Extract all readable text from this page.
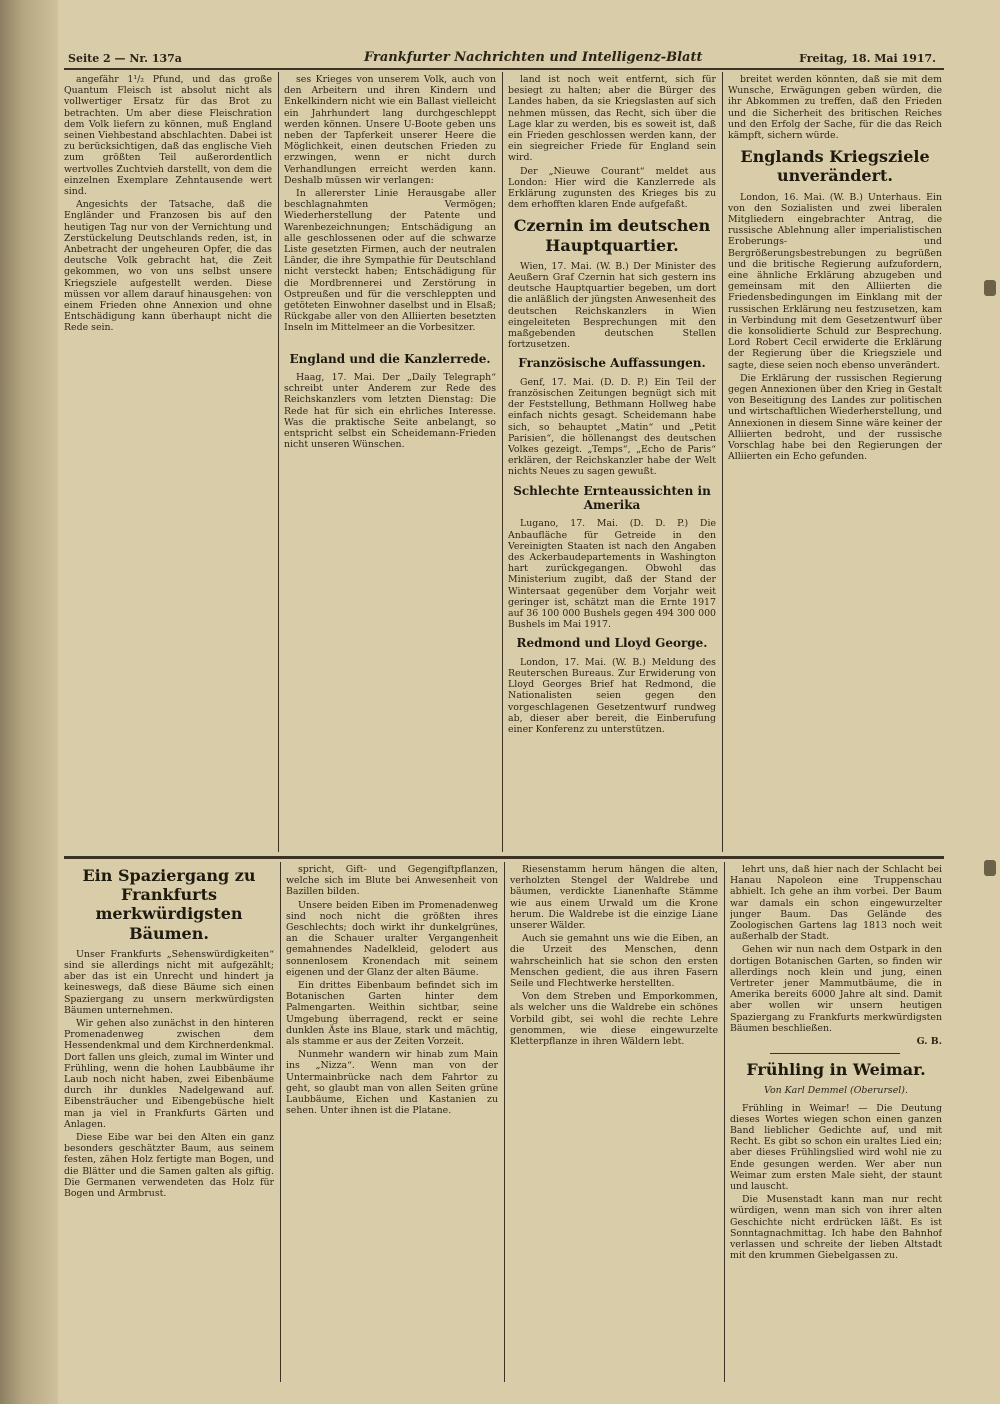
Seite 2 — Nr. 137a	Frankfurter Nachrichten und Intelligenz-Blatt	Freitag, 18. Mai 1917.

angefähr 1¹/₂ Pfund, und das große Quantum Fleisch ist absolut nicht als vollwertiger Ersatz für das Brot zu betrachten. Um aber diese Fleischration dem Volk liefern zu können, muß England seinen Viehbestand abschlachten. Dabei ist zu berücksichtigen, daß das englische Vieh zum größten Teil außerordentlich wertvolles Zuchtvieh darstellt, von dem die einzelnen Exemplare Zehntausende wert sind.

Angesichts der Tatsache, daß die Engländer und Franzosen bis auf den heutigen Tag nur von der Vernichtung und Zerstückelung Deutschlands reden, ist, in Anbetracht der ungeheuren Opfer, die das deutsche Volk gebracht hat, die Zeit gekommen, wo von uns selbst unsere Kriegsziele aufgestellt werden. Diese müssen vor allem darauf hinausgehen: von einem Frieden ohne Annexion und ohne Entschädigung kann überhaupt nicht die Rede sein.

ses Krieges von unserem Volk, auch von den Arbeitern und ihren Kindern und Enkelkindern nicht wie ein Ballast vielleicht ein Jahrhundert lang durchgeschleppt werden können. Unsere U-Boote geben uns neben der Tapferkeit unserer Heere die Möglichkeit, einen deutschen Frieden zu erzwingen, wenn er nicht durch Verhandlungen erreicht werden kann. Deshalb müssen wir verlangen:

In allererster Linie Herausgabe aller beschlagnahmten Vermögen; Wiederherstellung der Patente und Warenbezeichnungen; Entschädigung an alle geschlossenen oder auf die schwarze Liste gesetzten Firmen, auch der neutralen Länder, die ihre Sympathie für Deutschland nicht versteckt haben; Entschädigung für die Mordbrennerei und Zerstörung in Ostpreußen und für die verschleppten und getöteten Einwohner daselbst und in Elsaß; Rückgabe aller von den Alliierten besetzten Inseln im Mittelmeer an die Vorbesitzer.

England und die Kanzlerrede.

Haag, 17. Mai. Der „Daily Telegraph“ schreibt unter Anderem zur Rede des Reichskanzlers vom letzten Dienstag: Die Rede hat für sich ein ehrliches Interesse. Was die praktische Seite anbelangt, so entspricht selbst ein Scheidemann-Frieden nicht unseren Wünschen.

land ist noch weit entfernt, sich für besiegt zu halten; aber die Bürger des Landes haben, da sie Kriegslasten auf sich nehmen müssen, das Recht, sich über die Lage klar zu werden, bis es soweit ist, daß ein Frieden geschlossen werden kann, der ein siegreicher Friede für England sein wird.

Der „Nieuwe Courant“ meldet aus London: Hier wird die Kanzlerrede als Erklärung zugunsten des Krieges bis zu dem erhofften klaren Ende aufgefaßt.

Czernin im deutschen Hauptquartier.

Wien, 17. Mai. (W. B.) Der Minister des Aeußern Graf Czernin hat sich gestern ins deutsche Hauptquartier begeben, um dort die anläßlich der jüngsten Anwesenheit des deutschen Reichskanzlers in Wien eingeleiteten Besprechungen mit den maßgebenden deutschen Stellen fortzusetzen.

Französische Auffassungen.

Genf, 17. Mai. (D. D. P.) Ein Teil der französischen Zeitungen begnügt sich mit der Feststellung, Bethmann Hollweg habe einfach nichts gesagt. Scheidemann habe sich, so behauptet „Matin“ und „Petit Parisien“, die höllenangst des deutschen Volkes gezeigt. „Temps“, „Echo de Paris“ erklären, der Reichskanzler habe der Welt nichts Neues zu sagen gewußt.

Schlechte Ernteaussichten in Amerika

Lugano, 17. Mai. (D. D. P.) Die Anbaufläche für Getreide in den Vereinigten Staaten ist nach den Angaben des Ackerbaudepartements in Washington hart zurückgegangen. Obwohl das Ministerium zugibt, daß der Stand der Wintersaat gegenüber dem Vorjahr weit geringer ist, schätzt man die Ernte 1917 auf 36 100 000 Bushels gegen 494 300 000 Bushels im Mai 1917.

Redmond und Lloyd George.

London, 17. Mai. (W. B.) Meldung des Reuterschen Bureaus. Zur Erwiderung von Lloyd Georges Brief hat Redmond, die Nationalisten seien gegen den vorgeschlagenen Gesetzentwurf rundweg ab, dieser aber bereit, die Einberufung einer Konferenz zu unterstützen.

breitet werden könnten, daß sie mit dem Wunsche, Erwägungen geben würden, die ihr Abkommen zu treffen, daß den Frieden und die Sicherheit des britischen Reiches und den Erfolg der Sache, für die das Reich kämpft, sichern würde.

Englands Kriegsziele unverändert.

London, 16. Mai. (W. B.) Unterhaus. Ein von den Sozialisten und zwei liberalen Mitgliedern eingebrachter Antrag, die russische Ablehnung aller imperialistischen Eroberungs- und Bergrößerungsbestrebungen zu begrüßen und die britische Regierung aufzufordern, eine ähnliche Erklärung abzugeben und gemeinsam mit den Alliierten die Friedensbedingungen im Einklang mit der russischen Erklärung neu festzusetzen, kam in Verbindung mit dem Gesetzentwurf über die konsolidierte Schuld zur Besprechung. Lord Robert Cecil erwiderte die Erklärung der Regierung über die Kriegsziele und sagte, diese seien noch ebenso unverändert.

Die Erklärung der russischen Regierung gegen Annexionen über den Krieg in Gestalt von Beseitigung des Landes zur politischen und wirtschaftlichen Wiederherstellung, und Annexionen in diesem Sinne wäre keiner der Alliierten bedroht, und der russische Vorschlag habe bei den Regierungen der Alliierten ein Echo gefunden.

Ein Spaziergang zu Frankfurts merkwürdigsten Bäumen.

Unser Frankfurts „Sehenswürdigkeiten“ sind sie allerdings nicht mit aufgezählt; aber das ist ein Unrecht und hindert ja keineswegs, daß diese Bäume sich einen Spaziergang zu unsern merkwürdigsten Bäumen unternehmen.

Wir gehen also zunächst in den hinteren Promenadenweg zwischen dem Hessendenkmal und dem Kirchnerdenkmal. Dort fallen uns gleich, zumal im Winter und Frühling, wenn die hohen Laubbäume ihr Laub noch nicht haben, zwei Eibenbäume durch ihr dunkles Nadelgewand auf. Eibensträucher und Eibengebüsche hielt man ja viel in Frankfurts Gärten und Anlagen.

Diese Eibe war bei den Alten ein ganz besonders geschätzter Baum, aus seinem festen, zähen Holz fertigte man Bogen, und die Blätter und die Samen galten als giftig. Die Germanen verwendeten das Holz für Bogen und Armbrust.

spricht, Gift- und Gegengiftpflanzen, welche sich im Blute bei Anwesenheit von Bazillen bilden.

Unsere beiden Eiben im Promenadenweg sind noch nicht die größten ihres Geschlechts; doch wirkt ihr dunkelgrünes, an die Schauer uralter Vergangenheit gemahnendes Nadelkleid, gelodert aus sonnenlosem Kronendach mit seinem eigenen und der Glanz der alten Bäume.

Ein drittes Eibenbaum befindet sich im Botanischen Garten hinter dem Palmengarten. Weithin sichtbar, seine Umgebung überragend, reckt er seine dunklen Äste ins Blaue, stark und mächtig, als stamme er aus der Zeiten Vorzeit.

Nunmehr wandern wir hinab zum Main ins „Nizza“. Wenn man von der Untermainbrücke nach dem Fahrtor zu geht, so glaubt man von allen Seiten grüne Laubbäume, Eichen und Kastanien zu sehen. Unter ihnen ist die Platane.

Riesenstamm herum hängen die alten, verholzten Stengel der Waldrebe und bäumen, verdickte Lianenhafte Stämme wie aus einem Urwald um die Krone herum. Die Waldrebe ist die einzige Liane unserer Wälder.

Auch sie gemahnt uns wie die Eiben, an die Urzeit des Menschen, denn wahrscheinlich hat sie schon den ersten Menschen gedient, die aus ihren Fasern Seile und Flechtwerke herstellten.

Von dem Streben und Emporkommen, als welcher uns die Waldrebe ein schönes Vorbild gibt, sei wohl die rechte Lehre genommen, wie diese eingewurzelte Kletterpflanze in ihren Wäldern lebt.

lehrt uns, daß hier nach der Schlacht bei Hanau Napoleon eine Truppenschau abhielt. Ich gehe an ihm vorbei. Der Baum war damals ein schon eingewurzelter junger Baum. Das Gelände des Zoologischen Gartens lag 1813 noch weit außerhalb der Stadt.

Gehen wir nun nach dem Ostpark in den dortigen Botanischen Garten, so finden wir allerdings noch klein und jung, einen Vertreter jener Mammutbäume, die in Amerika bereits 6000 Jahre alt sind. Damit aber wollen wir unsern heutigen Spaziergang zu Frankfurts merkwürdigsten Bäumen beschließen.

G. B.
Frühling in Weimar.
Von Karl Demmel (Oberursel).

Frühling in Weimar! — Die Deutung dieses Wortes wiegen schon einen ganzen Band lieblicher Gedichte auf, und mit Recht. Es gibt so schon ein uraltes Lied ein; aber dieses Frühlingslied wird wohl nie zu Ende gesungen werden. Wer aber nun Weimar zum ersten Male sieht, der staunt und lauscht.

Die Musenstadt kann man nur recht würdigen, wenn man sich von ihrer alten Geschichte nicht erdrücken läßt. Es ist Sonntagnachmittag. Ich habe den Bahnhof verlassen und schreite der lieben Altstadt mit den krummen Giebelgassen zu.
